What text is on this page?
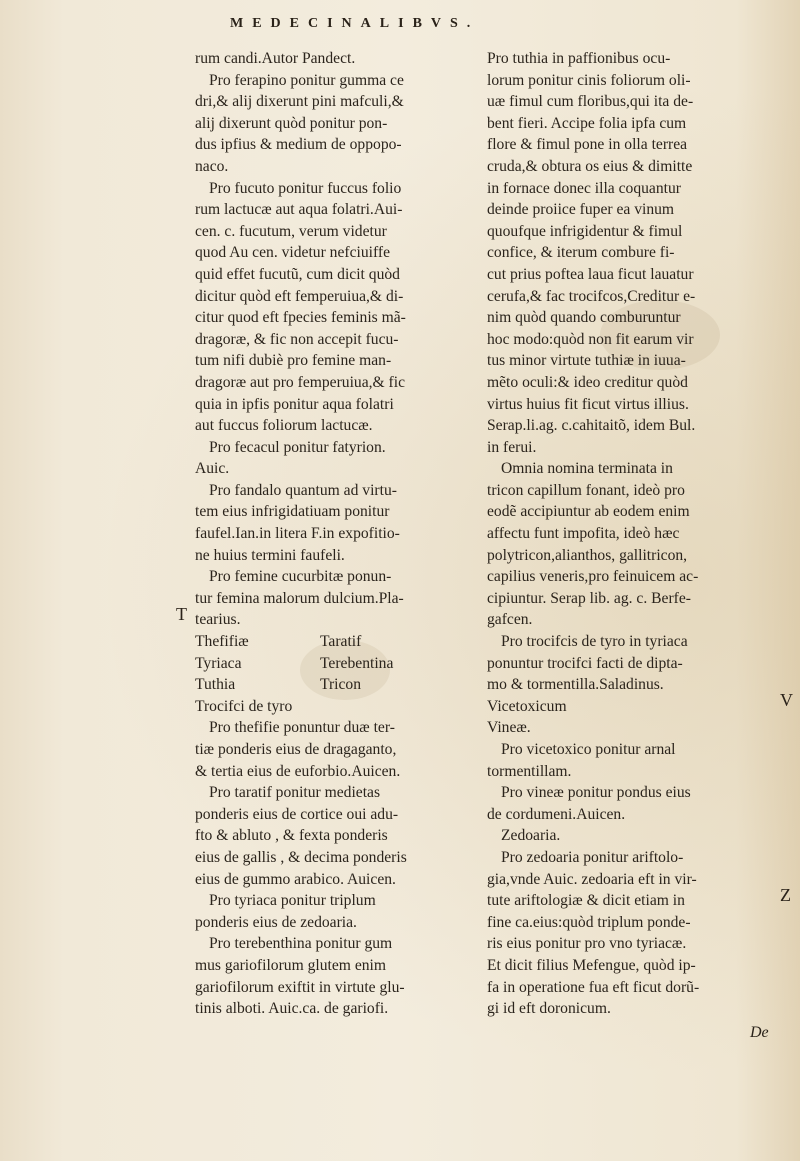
MEDECINALIBVS.
rum candi.Autor Pandect.
Pro ferapino ponitur gumma ce
dri,& alij dixerunt pini mafculi,&
alij dixerunt quòd ponitur pon-
dus ipfius & medium de oppopo-
naco.
Pro fucuto ponitur fuccus folio
rum lactucæ aut aqua folatri.Aui-
cen. c. fucutum, verum videtur
quod Au cen. videtur nefciuiffe
quid effet fucutũ, cum dicit quòd
dicitur quòd eft femperuiua,& di-
citur quod eft fpecies feminis mã-
dragoræ, & fic non accepit fucu-
tum nifi dubiè pro femine man-
dragoræ aut pro femperuiua,& fic
quia in ipfis ponitur aqua folatri
aut fuccus foliorum lactucæ.
Pro fecacul ponitur fatyrion.
Auic.
Pro fandalo quantum ad virtu-
tem eius infrigidatiuam ponitur
faufel.Ian.in litera F.in expofitio-
ne huius termini faufeli.
Pro femine cucurbitæ ponun-
tur femina malorum dulcium.Pla-
tearius.
Thefifiæ	Taratif
Tyriaca	Terebentina
Tuthia	Tricon
Trocifci de tyro
Pro thefifie ponuntur duæ ter-
tiæ ponderis eius de dragaganto,
& tertia eius de euforbio.Auicen.
Pro taratif ponitur medietas
ponderis eius de cortice oui adu-
fto & abluto , & fexta ponderis
eius de gallis , & decima ponderis
eius de gummo arabico. Auicen.
Pro tyriaca ponitur triplum
ponderis eius de zedoaria.
Pro terebenthina ponitur gum
mus gariofilorum glutem enim
gariofilorum exiftit in virtute glu-
tinis alboti. Auic.ca. de gariofi.
Pro tuthia in paffionibus ocu-
lorum ponitur cinis foliorum oli-
uæ fimul cum floribus,qui ita de-
bent fieri. Accipe folia ipfa cum
flore & fimul pone in olla terrea
cruda,& obtura os eius & dimitte
in fornace donec illa coquantur
deinde proiice fuper ea vinum
quoufque infrigidentur & fimul
confice, & iterum combure fi-
cut prius poftea laua ficut lauatur
cerufa,& fac trocifcos,Creditur e-
nim quòd quando comburuntur
hoc modo:quòd non fit earum vir
tus minor virtute tuthiæ in iuua-
mẽto oculi:& ideo creditur quòd
virtus huius fit ficut virtus illius.
Serap.li.ag. c.cahitaitõ, idem Bul.
in ferui.
Omnia nomina terminata in
tricon capillum fonant, ideò pro
eodẽ accipiuntur ab eodem enim
affectu funt impofita, ideò hæc
polytricon,alianthos, gallitricon,
capilius veneris,pro feinuicem ac-
cipiuntur. Serap lib. ag. c. Berfe-
gafcen.
Pro trocifcis de tyro in tyriaca
ponuntur trocifci facti de dipta-
mo & tormentilla.Saladinus.
Vicetoxicum
Vineæ.
Pro vicetoxico ponitur arnal
tormentillam.
Pro vineæ ponitur pondus eius
de cordumeni.Auicen.
Zedoaria.
Pro zedoaria ponitur ariftolo-
gia,vnde Auic. zedoaria eft in vir-
tute ariftologiæ & dicit etiam in
fine ca.eius:quòd triplum ponde-
ris eius ponitur pro vno tyriacæ.
Et dicit filius Mefengue, quòd ip-
fa in operatione fua eft ficut dorũ-
gi id eft doronicum.
T
V
Z
De
